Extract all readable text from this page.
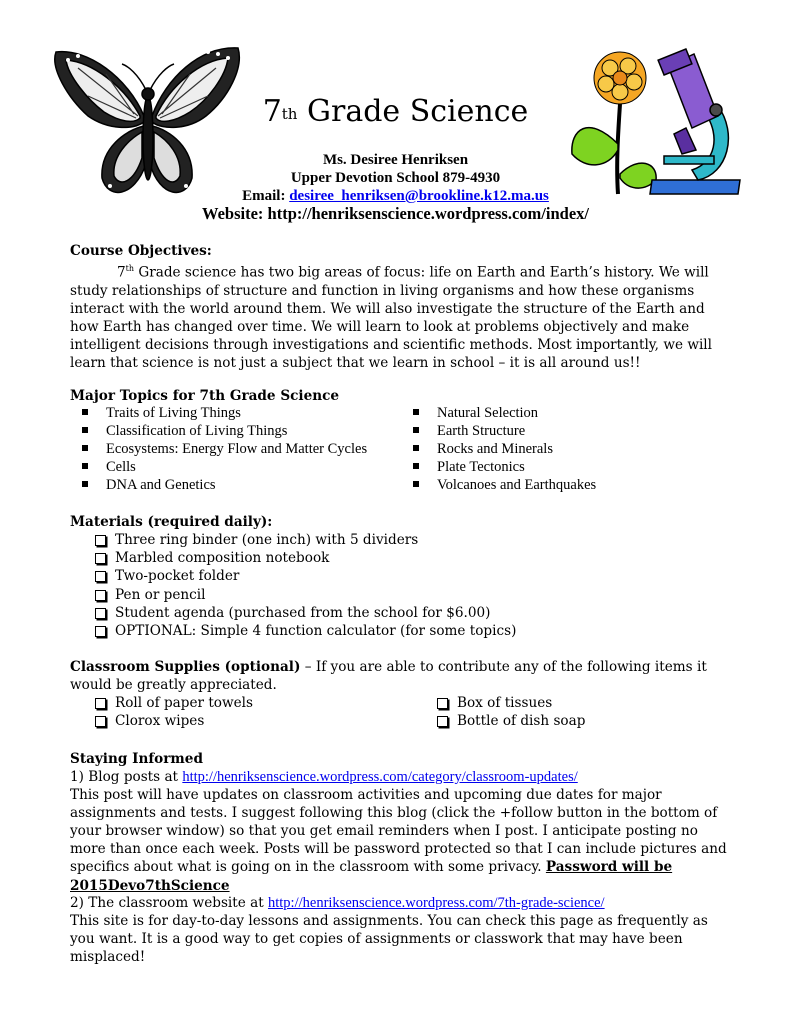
7th Grade Science
Ms. Desiree Henriksen
Upper Devotion School 879-4930
Email: desiree_henriksen@brookline.k12.ma.us
Website: http://henriksenscience.wordpress.com/index/
Course Objectives:
7th Grade science has two big areas of focus: life on Earth and Earth’s history. We will study relationships of structure and function in living organisms and how these organisms interact with the world around them. We will also investigate the structure of the Earth and how Earth has changed over time. We will learn to look at problems objectively and make intelligent decisions through investigations and scientific methods. Most importantly, we will learn that science is not just a subject that we learn in school – it is all around us!!
Major Topics for 7th Grade Science
Traits of Living Things
Classification of Living Things
Ecosystems: Energy Flow and Matter Cycles
Cells
DNA and Genetics
Natural Selection
Earth Structure
Rocks and Minerals
Plate Tectonics
Volcanoes and Earthquakes
Materials (required daily):
Three ring binder (one inch) with 5 dividers
Marbled composition notebook
Two-pocket folder
Pen or pencil
Student agenda (purchased from the school for $6.00)
OPTIONAL: Simple 4 function calculator (for some topics)
Classroom Supplies (optional) – If you are able to contribute any of the following items it would be greatly appreciated.
Roll of paper towels
Clorox wipes
Box of tissues
Bottle of dish soap
Staying Informed
1) Blog posts at http://henriksenscience.wordpress.com/category/classroom-updates/
This post will have updates on classroom activities and upcoming due dates for major assignments and tests. I suggest following this blog (click the +follow button in the bottom of your browser window) so that you get email reminders when I post. I anticipate posting no more than once each week. Posts will be password protected so that I can include pictures and specifics about what is going on in the classroom with some privacy. Password will be 2015Devo7thScience
2) The classroom website at http://henriksenscience.wordpress.com/7th-grade-science/
This site is for day-to-day lessons and assignments. You can check this page as frequently as you want. It is a good way to get copies of assignments or classwork that may have been misplaced!
